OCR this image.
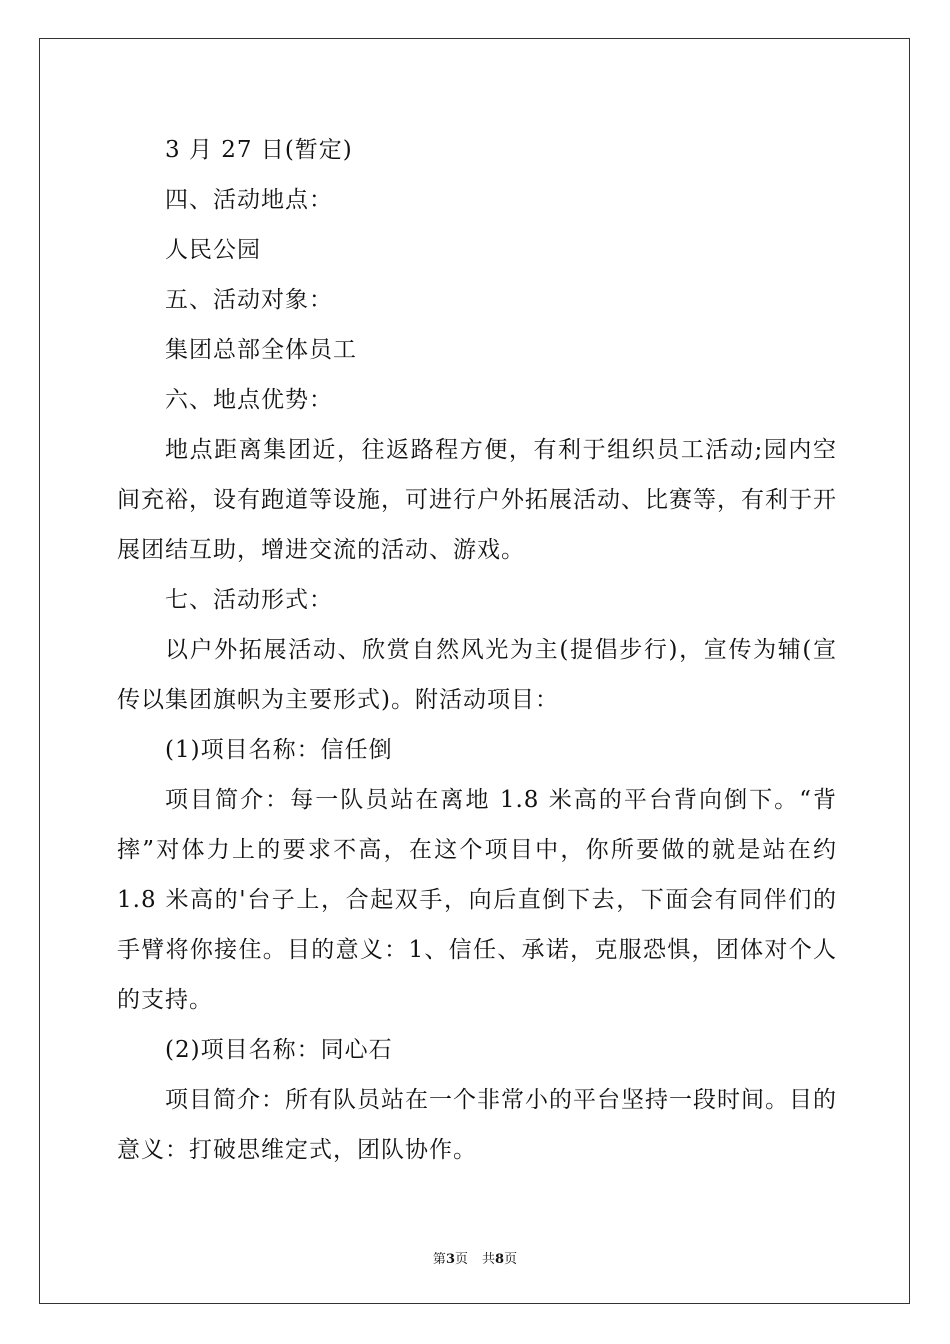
3 月 27 日(暂定)

四、活动地点：

人民公园

五、活动对象：

集团总部全体员工

六、地点优势：

地点距离集团近，往返路程方便，有利于组织员工活动;园内空间充裕，设有跑道等设施，可进行户外拓展活动、比赛等，有利于开展团结互助，增进交流的活动、游戏。

七、活动形式：

以户外拓展活动、欣赏自然风光为主(提倡步行)，宣传为辅(宣传以集团旗帜为主要形式)。附活动项目：

(1)项目名称：信任倒

项目简介：每一队员站在离地 1.8 米高的平台背向倒下。“背摔”对体力上的要求不高，在这个项目中，你所要做的就是站在约 1.8 米高的'台子上，合起双手，向后直倒下去，下面会有同伴们的手臂将你接住。目的意义：1、信任、承诺，克服恐惧，团体对个人的支持。

(2)项目名称：同心石

项目简介：所有队员站在一个非常小的平台坚持一段时间。目的意义：打破思维定式，团队协作。

第3页 共8页
